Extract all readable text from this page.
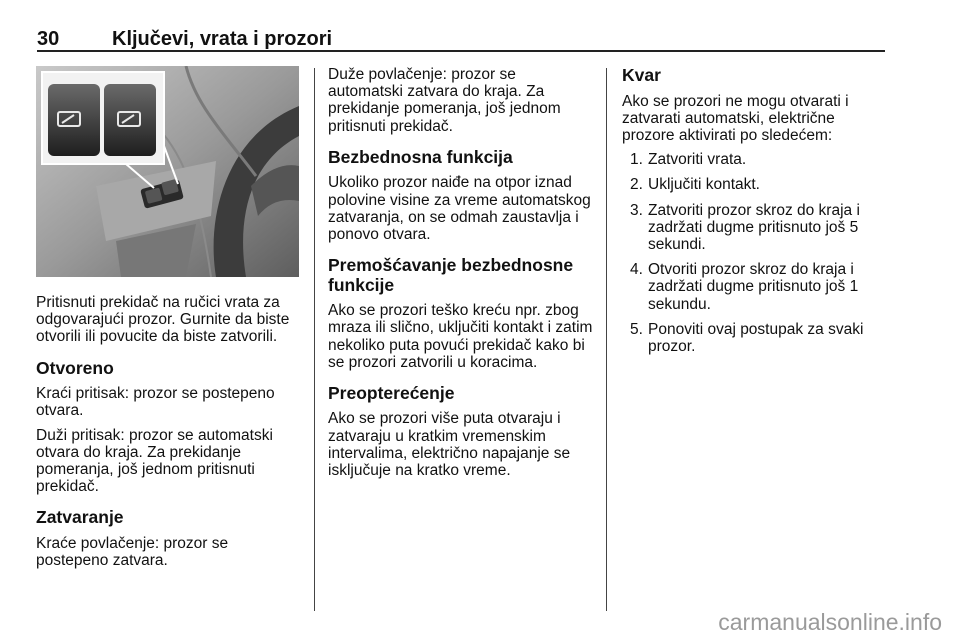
30	Ključevi, vrata i prozori

Pritisnuti prekidač na ručici vrata za odgovarajući prozor. Gurnite da biste otvorili ili povucite da biste zatvorili.

Otvoreno

Kraći pritisak: prozor se postepeno otvara.

Duži pritisak: prozor se automatski otvara do kraja. Za prekidanje pomeranja, još jednom pritisnuti prekidač.

Zatvaranje

Kraće povlačenje: prozor se postepeno zatvara.

Duže povlačenje: prozor se automatski zatvara do kraja. Za prekidanje pomeranja, još jednom pritisnuti prekidač.

Bezbednosna funkcija

Ukoliko prozor naiđe na otpor iznad polovine visine za vreme automatskog zatvaranja, on se odmah zaustavlja i ponovo otvara.

Premošćavanje bezbednosne funkcije

Ako se prozori teško kreću npr. zbog mraza ili slično, uključiti kontakt i zatim nekoliko puta povući prekidač kako bi se prozori zatvorili u koracima.

Preopterećenje

Ako se prozori više puta otvaraju i zatvaraju u kratkim vremenskim intervalima, električno napajanje se isključuje na kratko vreme.

Kvar

Ako se prozori ne mogu otvarati i zatvarati automatski, električne prozore aktivirati po sledećem:

1. Zatvoriti vrata.
2. Uključiti kontakt.
3. Zatvoriti prozor skroz do kraja i zadržati dugme pritisnuto još 5 sekundi.
4. Otvoriti prozor skroz do kraja i zadržati dugme pritisnuto još 1 sekundu.
5. Ponoviti ovaj postupak za svaki prozor.
carmanualsonline.info
